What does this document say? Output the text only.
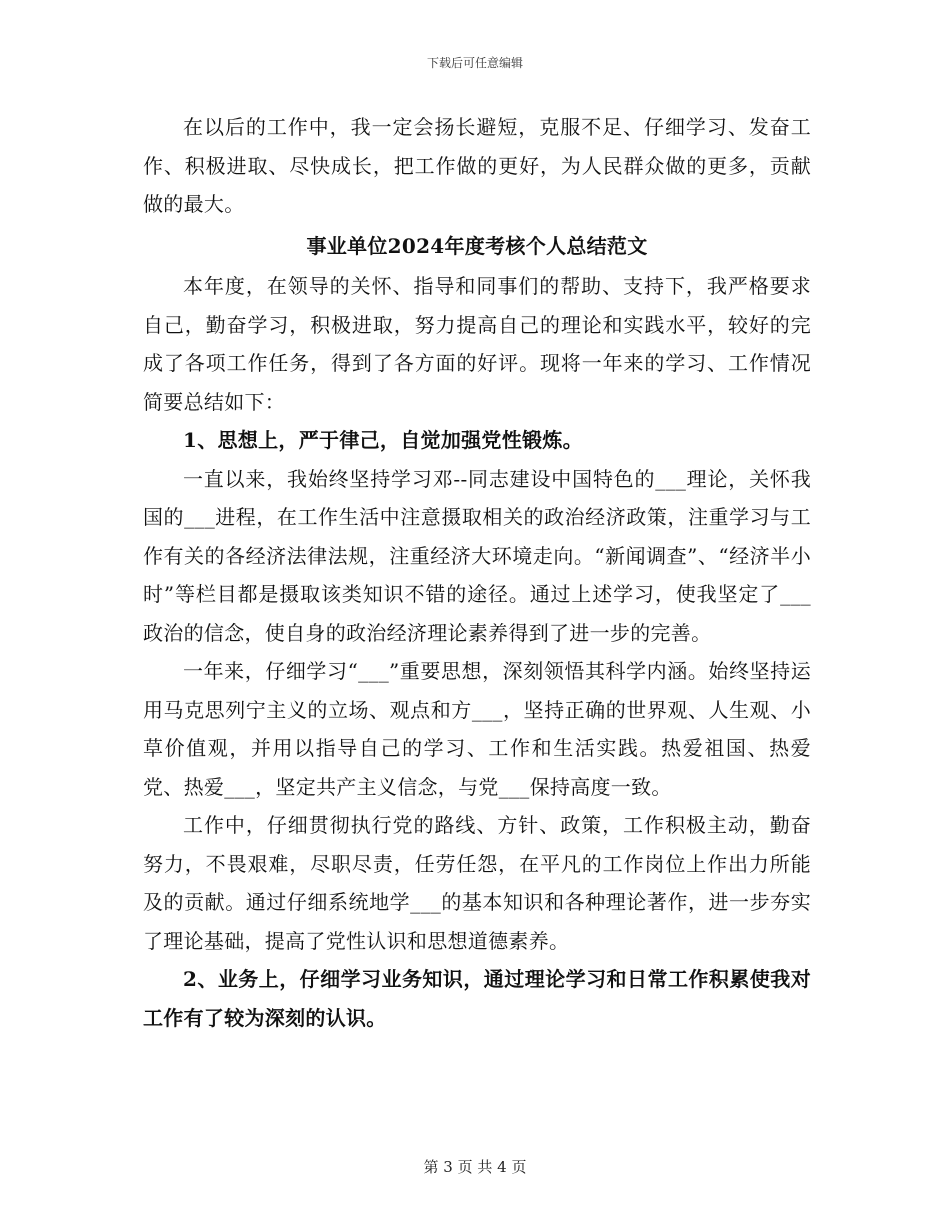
下载后可任意编辑

在以后的工作中，我一定会扬长避短，克服不足、仔细学习、发奋工作、积极进取、尽快成长，把工作做的更好，为人民群众做的更多，贡献做的最大。

事业单位2024年度考核个人总结范文

本年度，在领导的关怀、指导和同事们的帮助、支持下，我严格要求自己，勤奋学习，积极进取，努力提高自己的理论和实践水平，较好的完成了各项工作任务，得到了各方面的好评。现将一年来的学习、工作情况简要总结如下：

1、思想上，严于律己，自觉加强党性锻炼。

一直以来，我始终坚持学习邓--同志建设中国特色的___理论，关怀我国的___进程，在工作生活中注意摄取相关的政治经济政策，注重学习与工作有关的各经济法律法规，注重经济大环境走向。“新闻调查”、“经济半小时”等栏目都是摄取该类知识不错的途径。通过上述学习，使我坚定了___政治的信念，使自身的政治经济理论素养得到了进一步的完善。

一年来，仔细学习“___”重要思想，深刻领悟其科学内涵。始终坚持运用马克思列宁主义的立场、观点和方___，坚持正确的世界观、人生观、小草价值观，并用以指导自己的学习、工作和生活实践。热爱祖国、热爱党、热爱___，坚定共产主义信念，与党___保持高度一致。

工作中，仔细贯彻执行党的路线、方针、政策，工作积极主动，勤奋努力，不畏艰难，尽职尽责，任劳任怨，在平凡的工作岗位上作出力所能及的贡献。通过仔细系统地学___的基本知识和各种理论著作，进一步夯实了理论基础，提高了党性认识和思想道德素养。

2、业务上，仔细学习业务知识，通过理论学习和日常工作积累使我对工作有了较为深刻的认识。

第 3 页 共 4 页
